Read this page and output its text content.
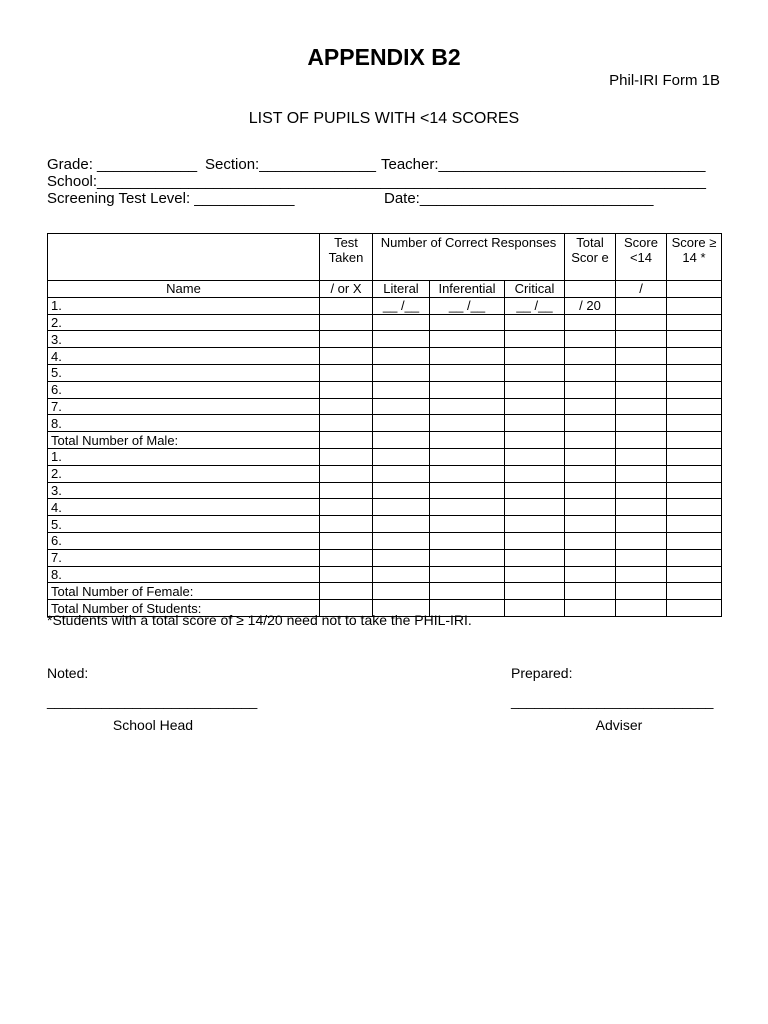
APPENDIX B2
Phil-IRI Form 1B
LIST OF PUPILS WITH <14 SCORES
Grade: ____________ Section:______________ Teacher:________________________________
School:_________________________________________________________________________
Screening Test Level: ____________	Date:____________________________
	Test Taken	Number of Correct Responses			Total Scor e	Score <14	Score ≥ 14 *
Name	/ or X	Literal	Inferential	Critical		/	
1.		__ /__	__ /__	__ /__	/ 20		
2.							
3.							
4.							
5.							
6.							
7.							
8.							
Total Number of Male:							
1.							
2.							
3.							
4.							
5.							
6.							
7.							
8.							
Total Number of Female:							
Total Number of Students:							
*Students with a total score of ≥ 14/20 need not to take the PHIL-IRI.
Noted:	Prepared:
___________________________	__________________________
School Head	Adviser
